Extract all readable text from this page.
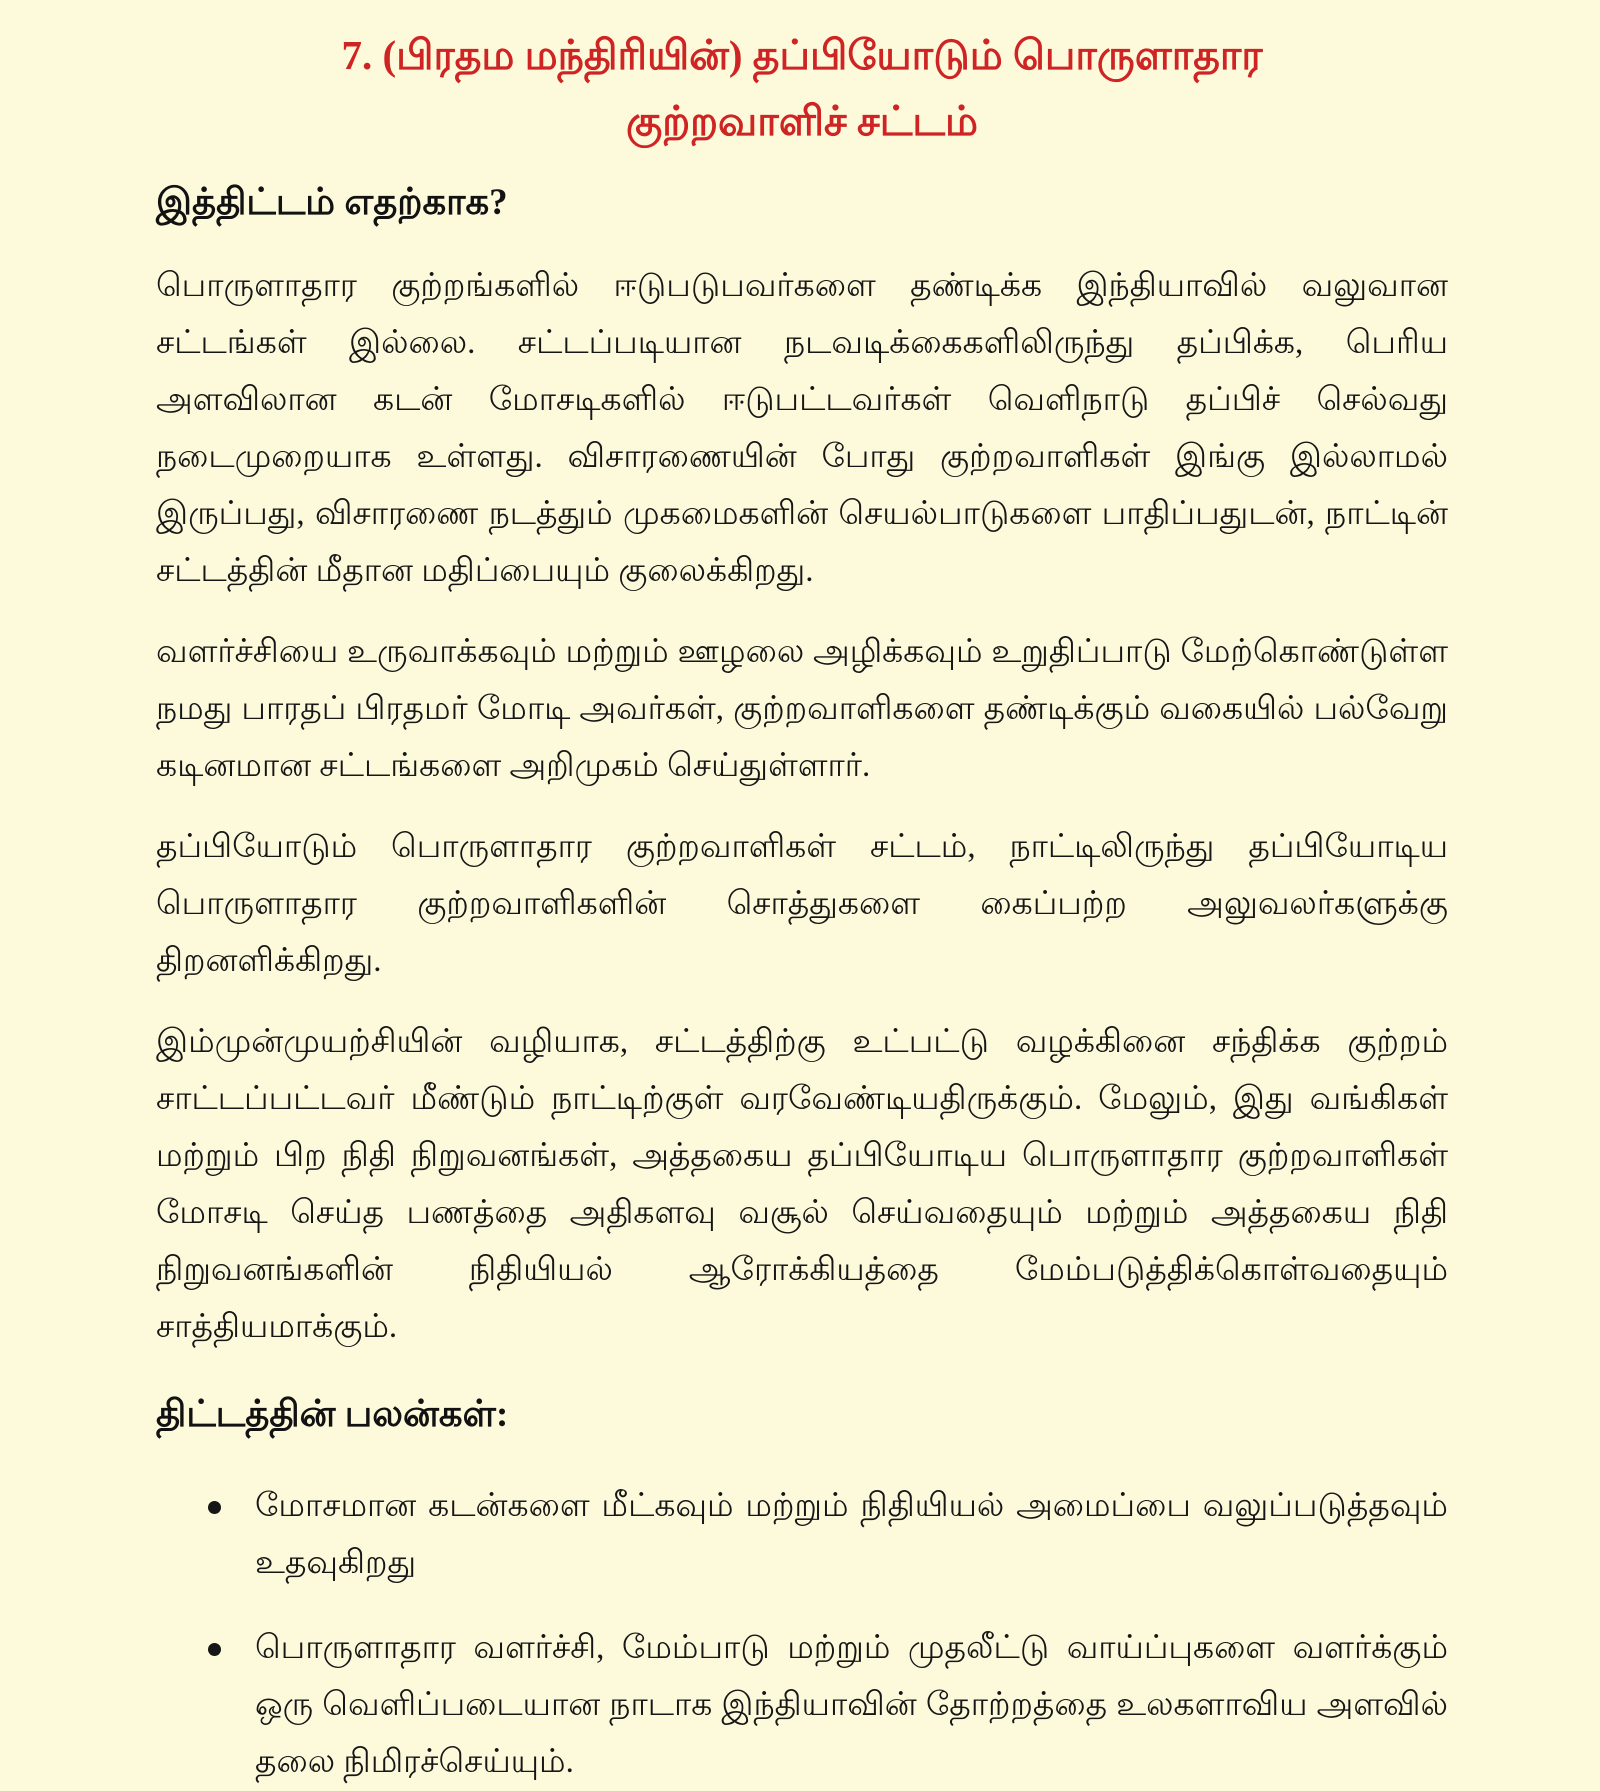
7. (பிரதம மந்திரியின்) தப்பியோடும் பொருளாதார குற்றவாளிச் சட்டம்
இத்திட்டம் எதற்காக?

பொருளாதார குற்றங்களில் ஈடுபடுபவர்களை தண்டிக்க இந்தியாவில் வலுவான சட்டங்கள் இல்லை. சட்டப்படியான நடவடிக்கைகளிலிருந்து தப்பிக்க, பெரிய அளவிலான கடன் மோசடிகளில் ஈடுபட்டவர்கள் வெளிநாடு தப்பிச் செல்வது நடைமுறையாக உள்ளது. விசாரணையின் போது குற்றவாளிகள் இங்கு இல்லாமல் இருப்பது, விசாரணை நடத்தும் முகமைகளின் செயல்பாடுகளை பாதிப்பதுடன், நாட்டின் சட்டத்தின் மீதான மதிப்பையும் குலைக்கிறது.

வளர்ச்சியை உருவாக்கவும் மற்றும் ஊழலை அழிக்கவும் உறுதிப்பாடு மேற்கொண்டுள்ள நமது பாரதப் பிரதமர் மோடி அவர்கள், குற்றவாளிகளை தண்டிக்கும் வகையில் பல்வேறு கடினமான சட்டங்களை அறிமுகம் செய்துள்ளார்.

தப்பியோடும் பொருளாதார குற்றவாளிகள் சட்டம், நாட்டிலிருந்து தப்பியோடிய பொருளாதார குற்றவாளிகளின் சொத்துகளை கைப்பற்ற அலுவலர்களுக்கு திறனளிக்கிறது.

இம்முன்முயற்சியின் வழியாக, சட்டத்திற்கு உட்பட்டு வழக்கினை சந்திக்க குற்றம் சாட்டப்பட்டவர் மீண்டும் நாட்டிற்குள் வரவேண்டியதிருக்கும். மேலும், இது வங்கிகள் மற்றும் பிற நிதி நிறுவனங்கள், அத்தகைய தப்பியோடிய பொருளாதார குற்றவாளிகள் மோசடி செய்த பணத்தை அதிகளவு வசூல் செய்வதையும் மற்றும் அத்தகைய நிதி நிறுவனங்களின் நிதியியல் ஆரோக்கியத்தை மேம்படுத்திக்கொள்வதையும் சாத்தியமாக்கும்.

திட்டத்தின் பலன்கள்:
மோசமான கடன்களை மீட்கவும் மற்றும் நிதியியல் அமைப்பை வலுப்படுத்தவும் உதவுகிறது
பொருளாதார வளர்ச்சி, மேம்பாடு மற்றும் முதலீட்டு வாய்ப்புகளை வளர்க்கும் ஒரு வெளிப்படையான நாடாக இந்தியாவின் தோற்றத்தை உலகளாவிய அளவில் தலை நிமிரச்செய்யும்.
